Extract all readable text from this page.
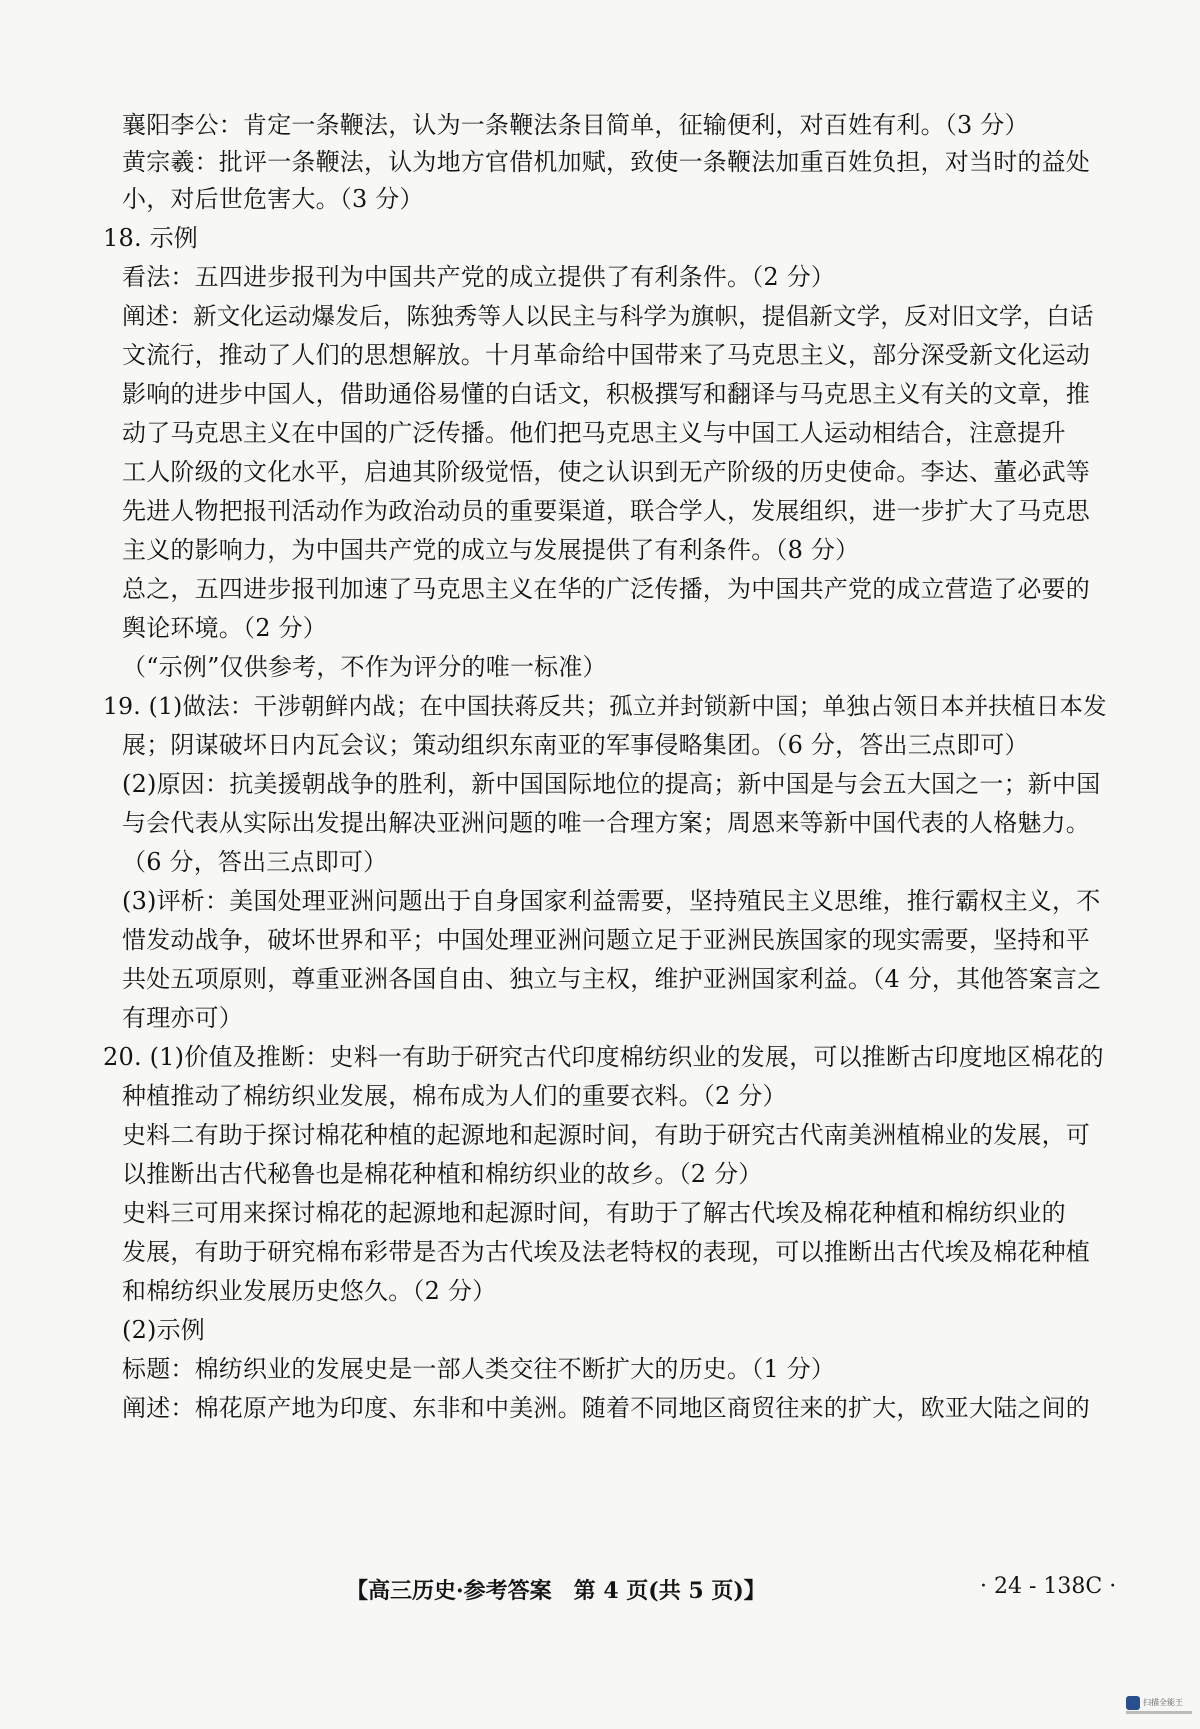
襄阳李公：肯定一条鞭法，认为一条鞭法条目简单，征输便利，对百姓有利。（3 分）
黄宗羲：批评一条鞭法，认为地方官借机加赋，致使一条鞭法加重百姓负担，对当时的益处
小，对后世危害大。（3 分）
18. 示例
看法：五四进步报刊为中国共产党的成立提供了有利条件。（2 分）
阐述：新文化运动爆发后，陈独秀等人以民主与科学为旗帜，提倡新文学，反对旧文学，白话
文流行，推动了人们的思想解放。十月革命给中国带来了马克思主义，部分深受新文化运动
影响的进步中国人，借助通俗易懂的白话文，积极撰写和翻译与马克思主义有关的文章，推
动了马克思主义在中国的广泛传播。他们把马克思主义与中国工人运动相结合，注意提升
工人阶级的文化水平，启迪其阶级觉悟，使之认识到无产阶级的历史使命。李达、董必武等
先进人物把报刊活动作为政治动员的重要渠道，联合学人，发展组织，进一步扩大了马克思
主义的影响力，为中国共产党的成立与发展提供了有利条件。（8 分）
总之，五四进步报刊加速了马克思主义在华的广泛传播，为中国共产党的成立营造了必要的
舆论环境。（2 分）
（“示例”仅供参考，不作为评分的唯一标准）
19. (1)做法：干涉朝鲜内战；在中国扶蒋反共；孤立并封锁新中国；单独占领日本并扶植日本发
展；阴谋破坏日内瓦会议；策动组织东南亚的军事侵略集团。（6 分，答出三点即可）
(2)原因：抗美援朝战争的胜利，新中国国际地位的提高；新中国是与会五大国之一；新中国
与会代表从实际出发提出解决亚洲问题的唯一合理方案；周恩来等新中国代表的人格魅力。
（6 分，答出三点即可）
(3)评析：美国处理亚洲问题出于自身国家利益需要，坚持殖民主义思维，推行霸权主义，不
惜发动战争，破坏世界和平；中国处理亚洲问题立足于亚洲民族国家的现实需要，坚持和平
共处五项原则，尊重亚洲各国自由、独立与主权，维护亚洲国家利益。（4 分，其他答案言之
有理亦可）
20. (1)价值及推断：史料一有助于研究古代印度棉纺织业的发展，可以推断古印度地区棉花的
种植推动了棉纺织业发展，棉布成为人们的重要衣料。（2 分）
史料二有助于探讨棉花种植的起源地和起源时间，有助于研究古代南美洲植棉业的发展，可
以推断出古代秘鲁也是棉花种植和棉纺织业的故乡。（2 分）
史料三可用来探讨棉花的起源地和起源时间，有助于了解古代埃及棉花种植和棉纺织业的
发展，有助于研究棉布彩带是否为古代埃及法老特权的表现，可以推断出古代埃及棉花种植
和棉纺织业发展历史悠久。（2 分）
(2)示例
标题：棉纺织业的发展史是一部人类交往不断扩大的历史。（1 分）
阐述：棉花原产地为印度、东非和中美洲。随着不同地区商贸往来的扩大，欧亚大陆之间的
【高三历史·参考答案　第 4 页(共 5 页)】	· 24 - 138C ·
扫描全能王
